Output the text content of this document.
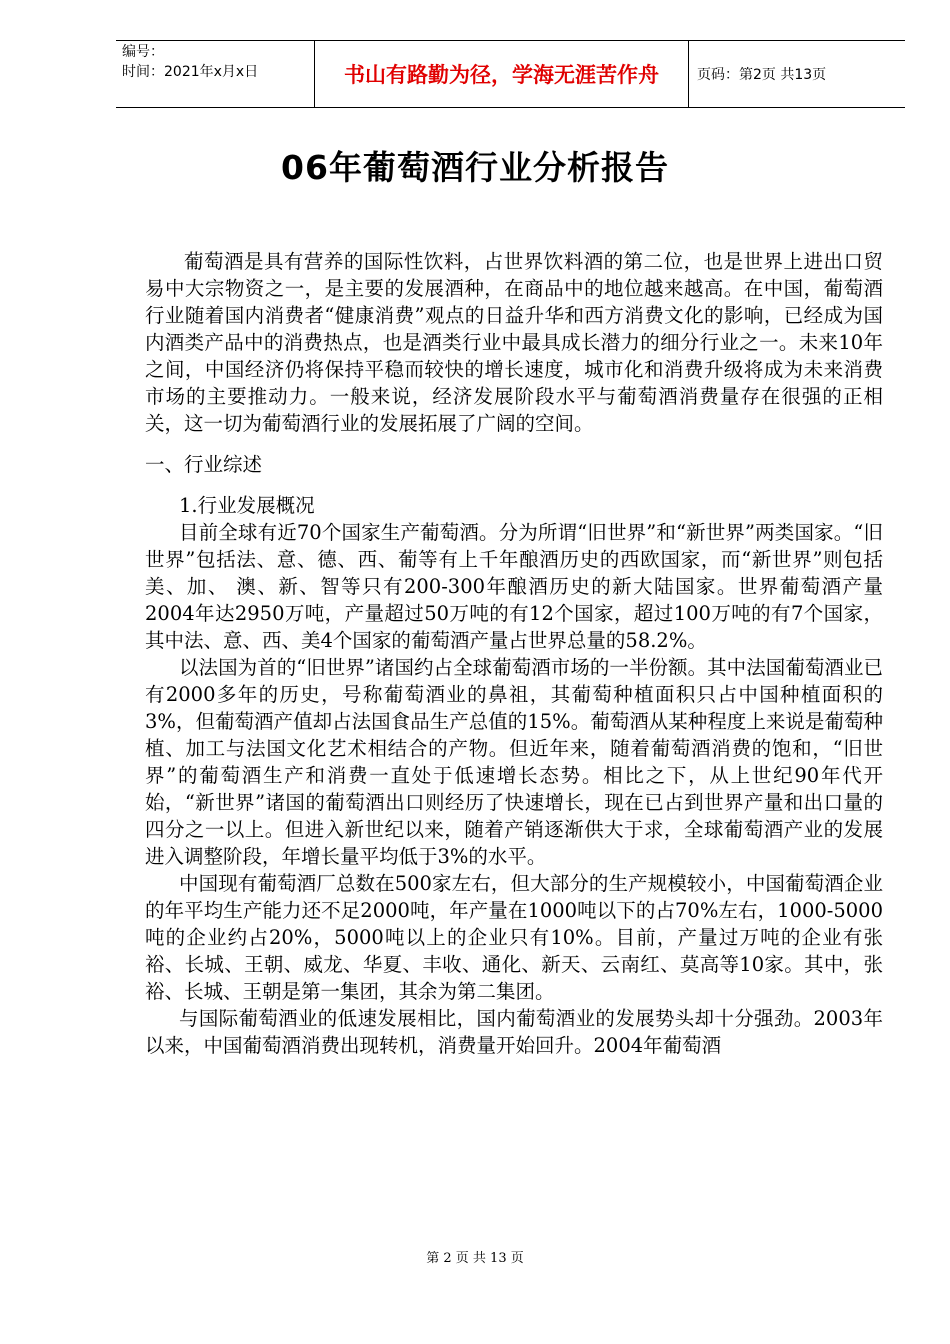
编号：
时间：2021年x月x日	书山有路勤为径，学海无涯苦作舟	页码：第2页 共13页
06年葡萄酒行业分析报告

葡萄酒是具有营养的国际性饮料，占世界饮料酒的第二位，也是世界上进出口贸易中大宗物资之一，是主要的发展酒种，在商品中的地位越来越高。在中国，葡萄酒行业随着国内消费者“健康消费”观点的日益升华和西方消费文化的影响，已经成为国内酒类产品中的消费热点，也是酒类行业中最具成长潜力的细分行业之一。未来10年之间，中国经济仍将保持平稳而较快的增长速度，城市化和消费升级将成为未来消费市场的主要推动力。一般来说，经济发展阶段水平与葡萄酒消费量存在很强的正相关，这一切为葡萄酒行业的发展拓展了广阔的空间。

一、行业综述

1.行业发展概况

目前全球有近70个国家生产葡萄酒。分为所谓“旧世界”和“新世界”两类国家。“旧世界”包括法、意、德、西、葡等有上千年酿酒历史的西欧国家，而“新世界”则包括美、加、 澳、新、智等只有200-300年酿酒历史的新大陆国家。世界葡萄酒产量2004年达2950万吨，产量超过50万吨的有12个国家，超过100万吨的有7个国家，其中法、意、西、美4个国家的葡萄酒产量占世界总量的58.2%。

以法国为首的“旧世界”诸国约占全球葡萄酒市场的一半份额。其中法国葡萄酒业已有2000多年的历史，号称葡萄酒业的鼻祖，其葡萄种植面积只占中国种植面积的3%，但葡萄酒产值却占法国食品生产总值的15%。葡萄酒从某种程度上来说是葡萄种植、加工与法国文化艺术相结合的产物。但近年来，随着葡萄酒消费的饱和，“旧世界”的葡萄酒生产和消费一直处于低速增长态势。相比之下，从上世纪90年代开始，“新世界”诸国的葡萄酒出口则经历了快速增长，现在已占到世界产量和出口量的四分之一以上。但进入新世纪以来，随着产销逐渐供大于求，全球葡萄酒产业的发展进入调整阶段，年增长量平均低于3%的水平。

中国现有葡萄酒厂总数在500家左右，但大部分的生产规模较小，中国葡萄酒企业的年平均生产能力还不足2000吨，年产量在1000吨以下的占70%左右，1000-5000吨的企业约占20%，5000吨以上的企业只有10%。目前，产量过万吨的企业有张裕、长城、王朝、威龙、华夏、丰收、通化、新天、云南红、莫高等10家。其中，张裕、长城、王朝是第一集团，其余为第二集团。

与国际葡萄酒业的低速发展相比，国内葡萄酒业的发展势头却十分强劲。2003年以来，中国葡萄酒消费出现转机，消费量开始回升。2004年葡萄酒

第 2 页 共 13 页
